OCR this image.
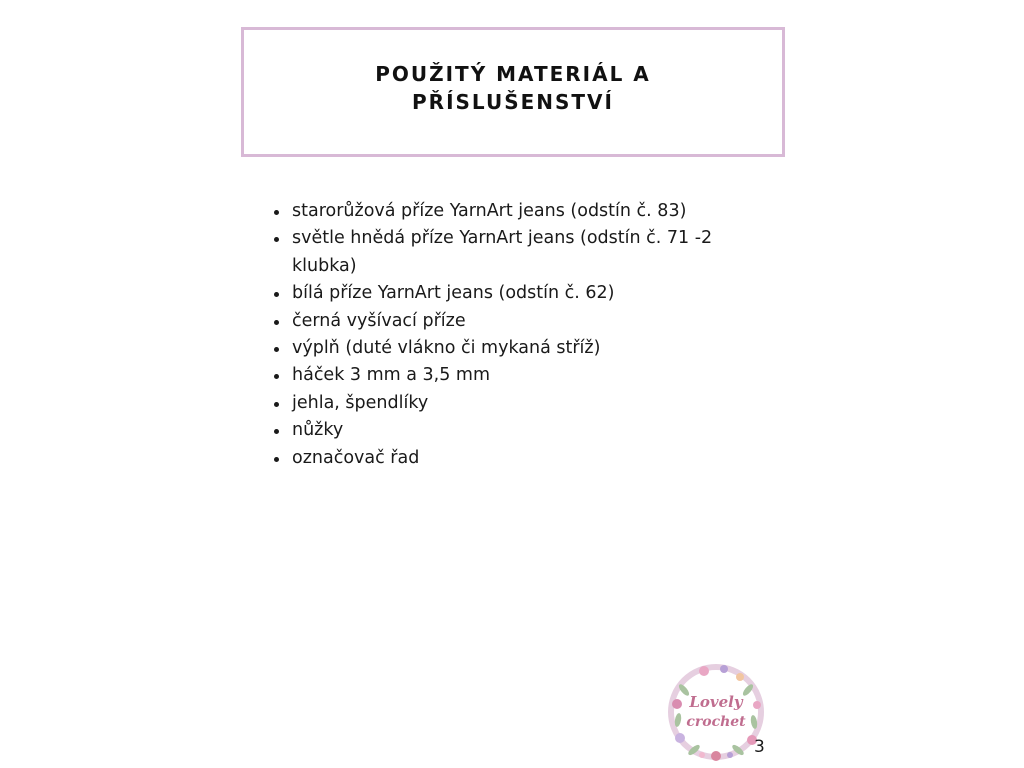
POUŽITÝ MATERIÁL A
PŘÍSLUŠENSTVÍ
starorůžová příze YarnArt jeans (odstín č. 83)
světle hnědá příze YarnArt jeans (odstín č. 71 -2 klubka)
bílá příze YarnArt jeans (odstín č. 62)
černá vyšívací příze
výplň (duté vlákno či mykaná stříž)
háček 3 mm a 3,5 mm
jehla, špendlíky
nůžky
označovač řad
Lovely
crochet
3
